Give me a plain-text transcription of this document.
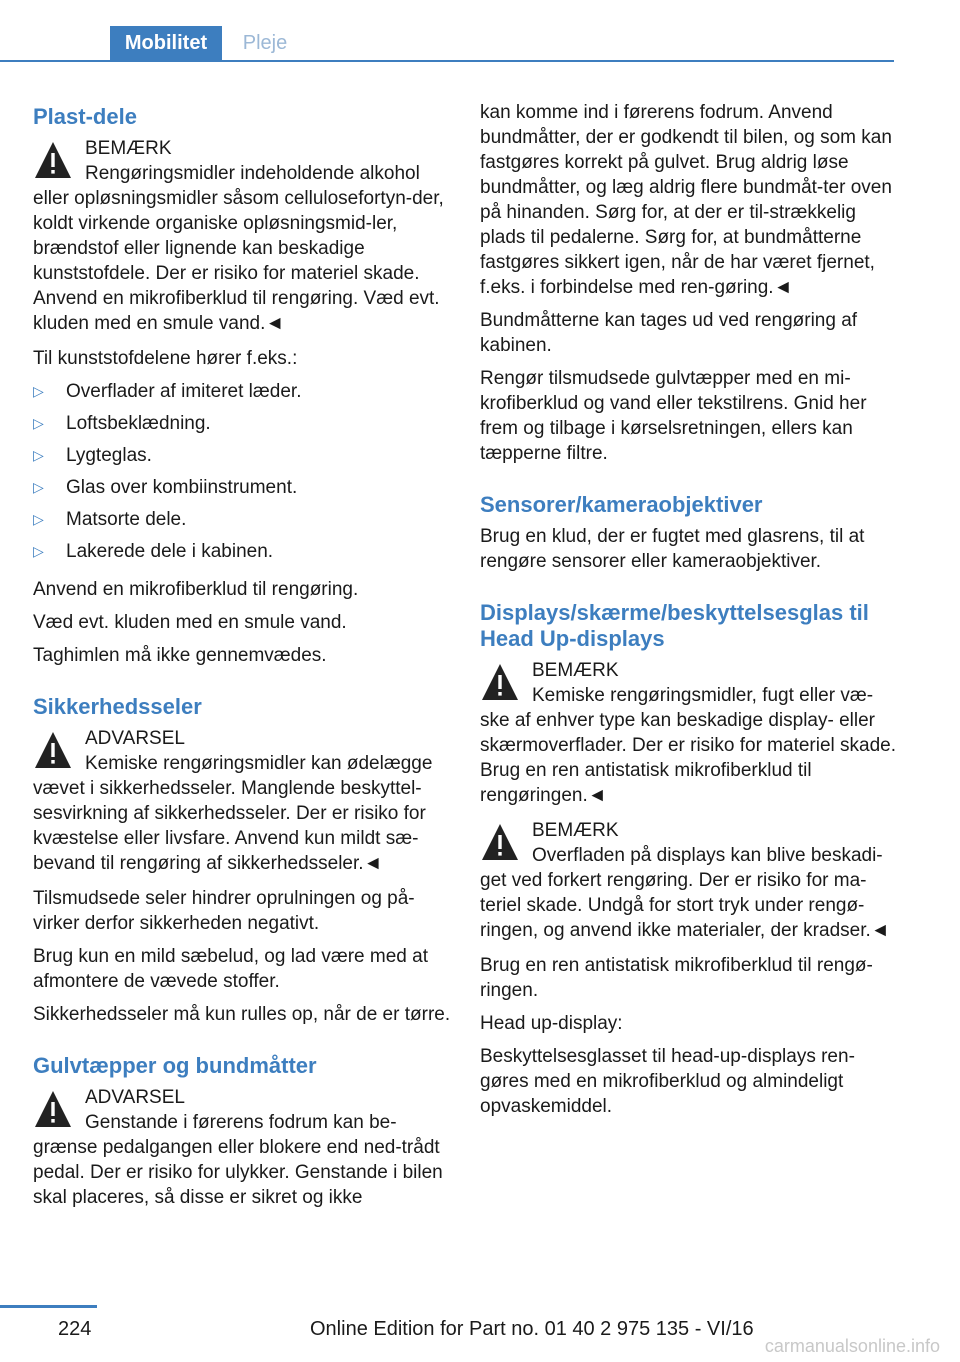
Mobilitet	Pleje
Plast-dele
BEMÆRK
Rengøringsmidler indeholdende alkohol eller opløsningsmidler såsom cellulosefortyn-der, koldt virkende organiske opløsningsmid-ler, brændstof eller lignende kan beskadige kunststofdele. Der er risiko for materiel skade. Anvend en mikrofiberklud til rengøring. Væd evt. kluden med en smule vand.◄

Til kunststofdelene hører f.eks.:

▷ Overflader af imiteret læder.
▷ Loftsbeklædning.
▷ Lygteglas.
▷ Glas over kombiinstrument.
▷ Matsorte dele.
▷ Lakerede dele i kabinen.

Anvend en mikrofiberklud til rengøring.

Væd evt. kluden med en smule vand.

Taghimlen må ikke gennemvædes.

Sikkerhedsseler
ADVARSEL
Kemiske rengøringsmidler kan ødelægge vævet i sikkerhedsseler. Manglende beskyttel-sesvirkning af sikkerhedsseler. Der er risiko for kvæstelse eller livsfare. Anvend kun mildt sæ-bevand til rengøring af sikkerhedsseler.◄

Tilsmudsede seler hindrer oprulningen og på-virker derfor sikkerheden negativt.

Brug kun en mild sæbelud, og lad være med at afmontere de vævede stoffer.

Sikkerhedsseler må kun rulles op, når de er tørre.

Gulvtæpper og bundmåtter
ADVARSEL
Genstande i førerens fodrum kan be-grænse pedalgangen eller blokere end ned-trådt pedal. Der er risiko for ulykker. Genstande i bilen skal placeres, så disse er sikret og ikke

kan komme ind i førerens fodrum. Anvend bundmåtter, der er godkendt til bilen, og som kan fastgøres korrekt på gulvet. Brug aldrig løse bundmåtter, og læg aldrig flere bundmåt-ter oven på hinanden. Sørg for, at der er til-strækkelig plads til pedalerne. Sørg for, at bundmåtterne fastgøres sikkert igen, når de har været fjernet, f.eks. i forbindelse med ren-gøring.◄

Bundmåtterne kan tages ud ved rengøring af kabinen.

Rengør tilsmudsede gulvtæpper med en mi-krofiberklud og vand eller tekstilrens. Gnid her frem og tilbage i kørselsretningen, ellers kan tæpperne filtre.

Sensorer/kameraobjektiver

Brug en klud, der er fugtet med glasrens, til at rengøre sensorer eller kameraobjektiver.

Displays/skærme/beskyttelsesglas til Head Up-displays
BEMÆRK
Kemiske rengøringsmidler, fugt eller væ-ske af enhver type kan beskadige display- eller skærmoverflader. Der er risiko for materiel skade. Brug en ren antistatisk mikrofiberklud til rengøringen.◄
BEMÆRK
Overfladen på displays kan blive beskadi-get ved forkert rengøring. Der er risiko for ma-teriel skade. Undgå for stort tryk under rengø-ringen, og anvend ikke materialer, der kradser.◄

Brug en ren antistatisk mikrofiberklud til rengø-ringen.

Head up-display:

Beskyttelsesglasset til head-up-displays ren-gøres med en mikrofiberklud og almindeligt opvaskemiddel.

224	Online Edition for Part no. 01 40 2 975 135 - VI/16
carmanualsonline.info
